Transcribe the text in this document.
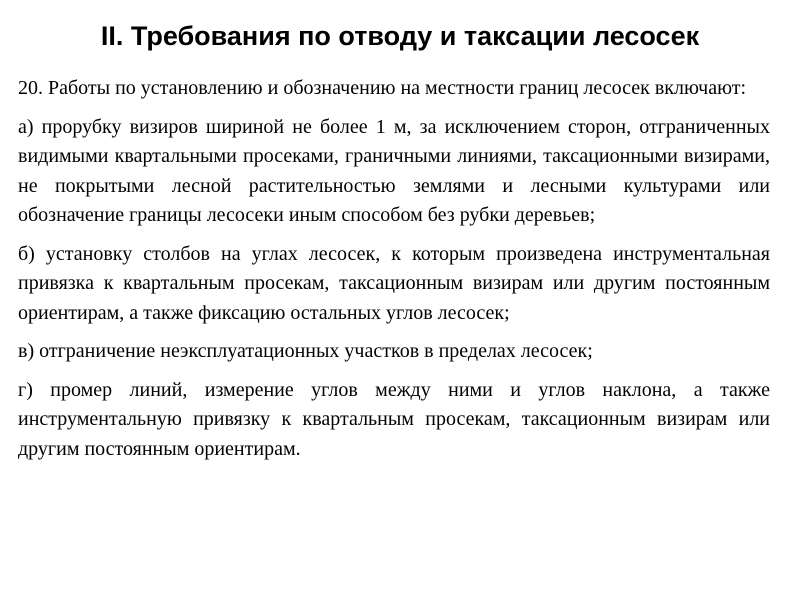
II. Требования по отводу и таксации лесосек

20. Работы по установлению и обозначению на местности границ лесосек включают:

а) прорубку визиров шириной не более 1 м, за исключением сторон, отграниченных видимыми квартальными просеками, граничными линиями, таксационными визирами, не покрытыми лесной растительностью землями и лесными культурами или обозначение границы лесосеки иным способом без рубки деревьев;

б) установку столбов на углах лесосек, к которым произведена инструментальная привязка к квартальным просекам, таксационным визирам или другим постоянным ориентирам, а также фиксацию остальных углов лесосек;

в) отграничение неэксплуатационных участков в пределах лесосек;

г) промер линий, измерение углов между ними и углов наклона, а также инструментальную привязку к квартальным просекам, таксационным визирам или другим постоянным ориентирам.
